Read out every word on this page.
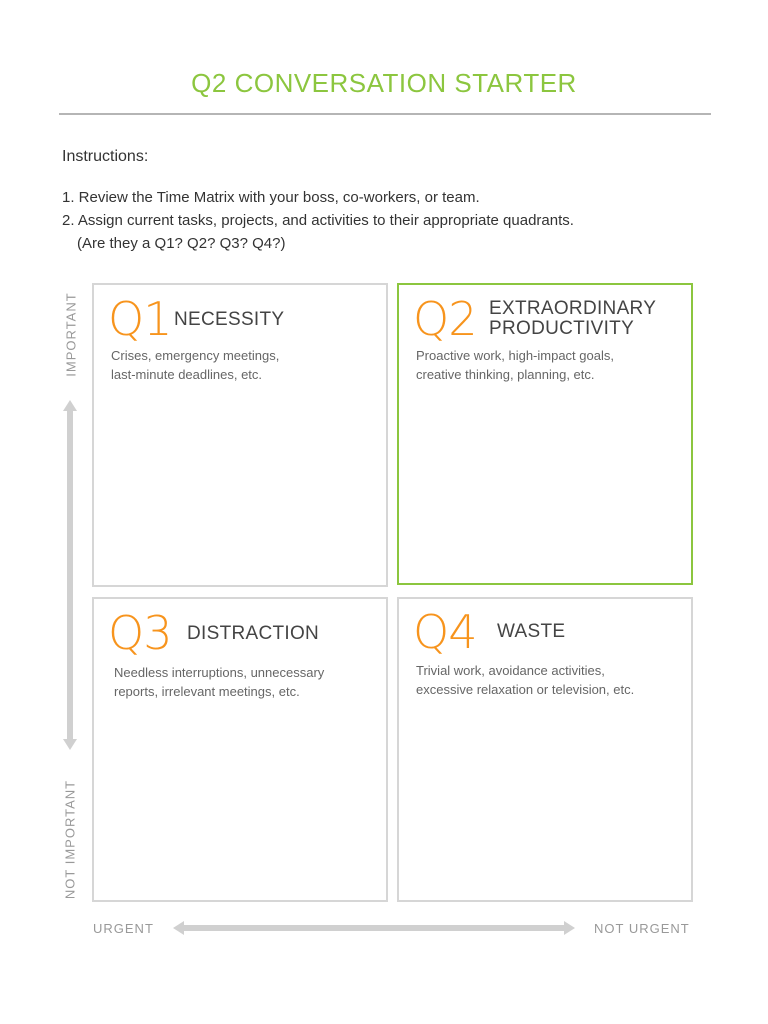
Q2 CONVERSATION STARTER
Instructions:
1. Review the Time Matrix with your boss, co-workers, or team.
2. Assign current tasks, projects, and activities to their appropriate quadrants.
(Are they a Q1? Q2? Q3? Q4?)
IMPORTANT
NOT IMPORTANT
Q1 NECESSITY
Crises, emergency meetings,
last-minute deadlines, etc.
Q2 EXTRAORDINARY
PRODUCTIVITY
Proactive work, high-impact goals,
creative thinking, planning, etc.
Q3 DISTRACTION
Needless interruptions, unnecessary
reports, irrelevant meetings, etc.
Q4 WASTE
Trivial work, avoidance activities,
excessive relaxation or television, etc.
URGENT	NOT URGENT
